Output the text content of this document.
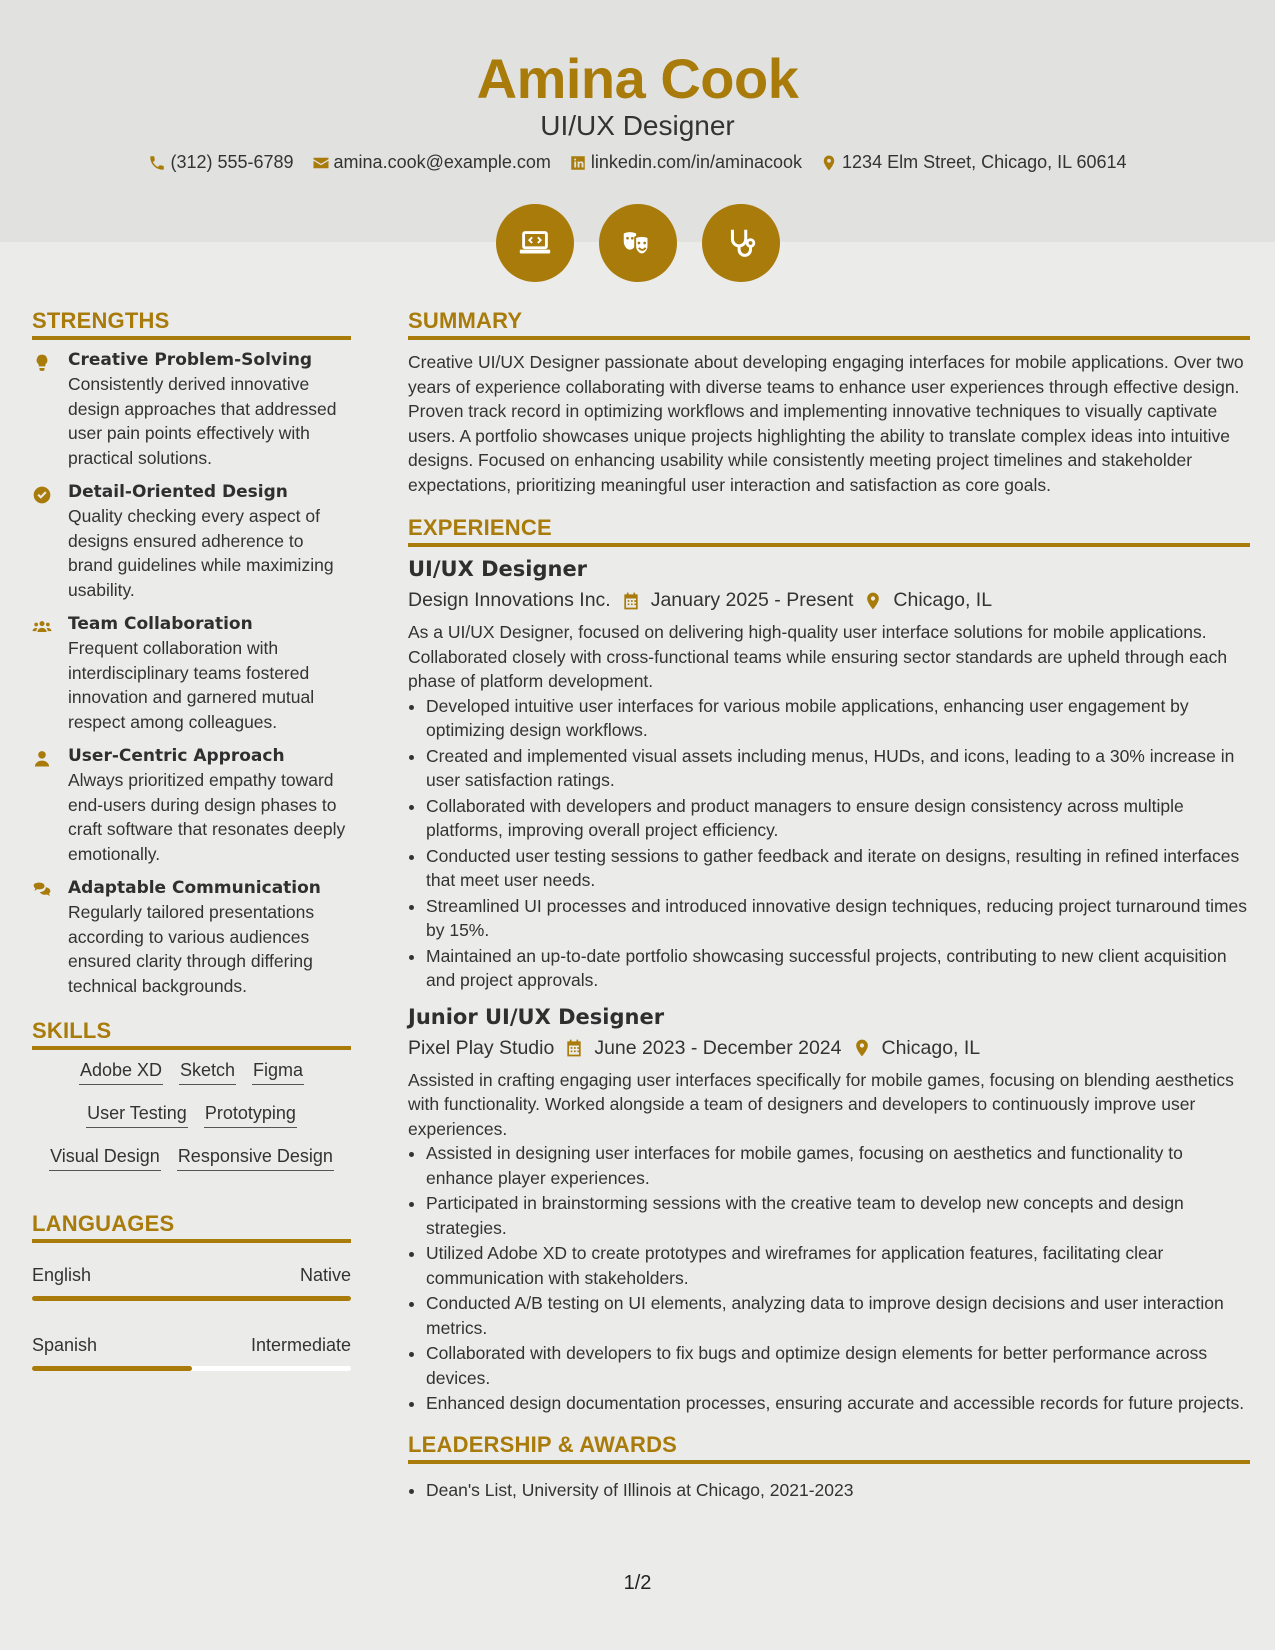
Amina Cook
UI/UX Designer
(312) 555-6789 amina.cook@example.com linkedin.com/in/aminacook 1234 Elm Street, Chicago, IL 60614
STRENGTHS
Creative Problem-Solving
Consistently derived innovative design approaches that addressed user pain points effectively with practical solutions.
Detail-Oriented Design
Quality checking every aspect of designs ensured adherence to brand guidelines while maximizing usability.
Team Collaboration
Frequent collaboration with interdisciplinary teams fostered innovation and garnered mutual respect among colleagues.
User-Centric Approach
Always prioritized empathy toward end-users during design phases to craft software that resonates deeply emotionally.
Adaptable Communication
Regularly tailored presentations according to various audiences ensured clarity through differing technical backgrounds.
SKILLS
Adobe XD Sketch Figma
User Testing Prototyping
Visual Design Responsive Design
LANGUAGES
English	Native
Spanish	Intermediate
SUMMARY

Creative UI/UX Designer passionate about developing engaging interfaces for mobile applications. Over two years of experience collaborating with diverse teams to enhance user experiences through effective design. Proven track record in optimizing workflows and implementing innovative techniques to visually captivate users. A portfolio showcases unique projects highlighting the ability to translate complex ideas into intuitive designs. Focused on enhancing usability while consistently meeting project timelines and stakeholder expectations, prioritizing meaningful user interaction and satisfaction as core goals.

EXPERIENCE
UI/UX Designer
Design Innovations Inc. January 2025 - Present Chicago, IL

As a UI/UX Designer, focused on delivering high-quality user interface solutions for mobile applications. Collaborated closely with cross-functional teams while ensuring sector standards are upheld through each phase of platform development.

• Developed intuitive user interfaces for various mobile applications, enhancing user engagement by optimizing design workflows.
• Created and implemented visual assets including menus, HUDs, and icons, leading to a 30% increase in user satisfaction ratings.
• Collaborated with developers and product managers to ensure design consistency across multiple platforms, improving overall project efficiency.
• Conducted user testing sessions to gather feedback and iterate on designs, resulting in refined interfaces that meet user needs.
• Streamlined UI processes and introduced innovative design techniques, reducing project turnaround times by 15%.
• Maintained an up-to-date portfolio showcasing successful projects, contributing to new client acquisition and project approvals.
Junior UI/UX Designer
Pixel Play Studio June 2023 - December 2024 Chicago, IL

Assisted in crafting engaging user interfaces specifically for mobile games, focusing on blending aesthetics with functionality. Worked alongside a team of designers and developers to continuously improve user experiences.

• Assisted in designing user interfaces for mobile games, focusing on aesthetics and functionality to enhance player experiences.
• Participated in brainstorming sessions with the creative team to develop new concepts and design strategies.
• Utilized Adobe XD to create prototypes and wireframes for application features, facilitating clear communication with stakeholders.
• Conducted A/B testing on UI elements, analyzing data to improve design decisions and user interaction metrics.
• Collaborated with developers to fix bugs and optimize design elements for better performance across devices.
• Enhanced design documentation processes, ensuring accurate and accessible records for future projects.
LEADERSHIP & AWARDS
• Dean's List, University of Illinois at Chicago, 2021-2023
1/2
